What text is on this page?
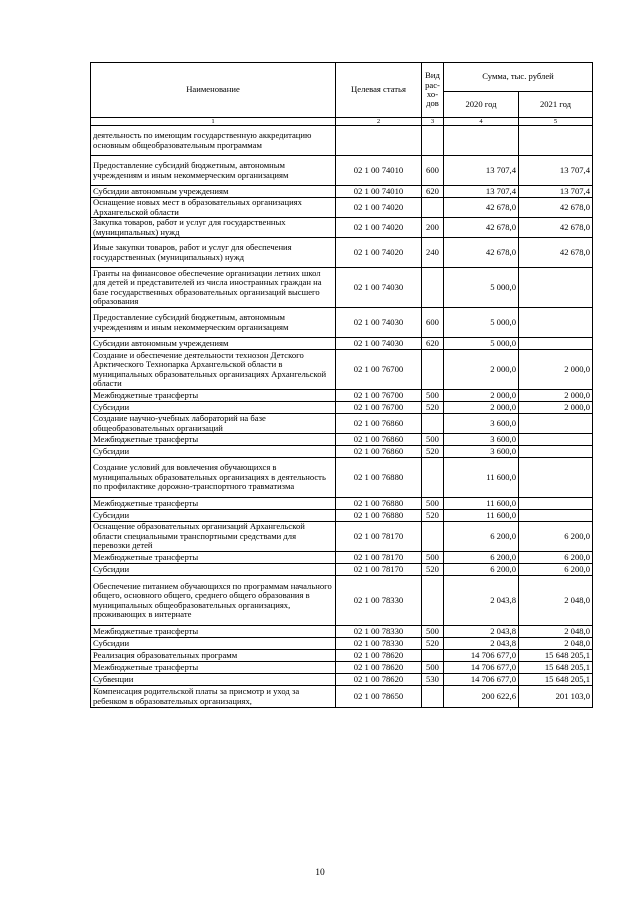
Наименование	Целевая статья	Вид рас- хо- дов	Сумма, тыс. рублей	
			2020 год	2021 год
1	2	3	4	5
деятельность по имеющим государственную аккредитацию основным общеобразовательным программам				
Предоставление субсидий бюджетным, автономным учреждениям и иным некоммерческим организациям	02 1 00 74010	600	13 707,4	13 707,4
Субсидии автономным учреждениям	02 1 00 74010	620	13 707,4	13 707,4
Оснащение новых мест в образовательных организациях Архангельской области	02 1 00 74020		42 678,0	42 678,0
Закупка товаров, работ и услуг для государственных (муниципальных) нужд	02 1 00 74020	200	42 678,0	42 678,0
Иные закупки товаров, работ и услуг для обеспечения государственных (муниципальных) нужд	02 1 00 74020	240	42 678,0	42 678,0
Гранты на финансовое обеспечение организации летних школ для детей и представителей из числа иностранных граждан на базе государственных образовательных организаций высшего образования	02 1 00 74030		5 000,0	
Предоставление субсидий бюджетным, автономным учреждениям и иным некоммерческим организациям	02 1 00 74030	600	5 000,0	
Субсидии автономным учреждениям	02 1 00 74030	620	5 000,0	
Создание и обеспечение деятельности технозон Детского Арктического Технопарка Архангельской области в муниципальных образовательных организациях Архангельской области	02 1 00 76700		2 000,0	2 000,0
Межбюджетные трансферты	02 1 00 76700	500	2 000,0	2 000,0
Субсидии	02 1 00 76700	520	2 000,0	2 000,0
Создание научно-учебных лабораторий на базе общеобразовательных организаций	02 1 00 76860		3 600,0	
Межбюджетные трансферты	02 1 00 76860	500	3 600,0	
Субсидии	02 1 00 76860	520	3 600,0	
Создание условий для вовлечения обучающихся в муниципальных образовательных организациях в деятельность по профилактике дорожно-транспортного травматизма	02 1 00 76880		11 600,0	
Межбюджетные трансферты	02 1 00 76880	500	11 600,0	
Субсидии	02 1 00 76880	520	11 600,0	
Оснащение образовательных организаций Архангельской области специальными транспортными средствами для перевозки детей	02 1 00 78170		6 200,0	6 200,0
Межбюджетные трансферты	02 1 00 78170	500	6 200,0	6 200,0
Субсидии	02 1 00 78170	520	6 200,0	6 200,0
Обеспечение питанием обучающихся по программам начального общего, основного общего, среднего общего образования в муниципальных общеобразовательных организациях, проживающих в интернате	02 1 00 78330		2 043,8	2 048,0
Межбюджетные трансферты	02 1 00 78330	500	2 043,8	2 048,0
Субсидии	02 1 00 78330	520	2 043,8	2 048,0
Реализация образовательных программ	02 1 00 78620		14 706 677,0	15 648 205,1
Межбюджетные трансферты	02 1 00 78620	500	14 706 677,0	15 648 205,1
Субвенции	02 1 00 78620	530	14 706 677,0	15 648 205,1
Компенсация родительской платы за присмотр и уход за ребенком в образовательных организациях,	02 1 00 78650		200 622,6	201 103,0
10
